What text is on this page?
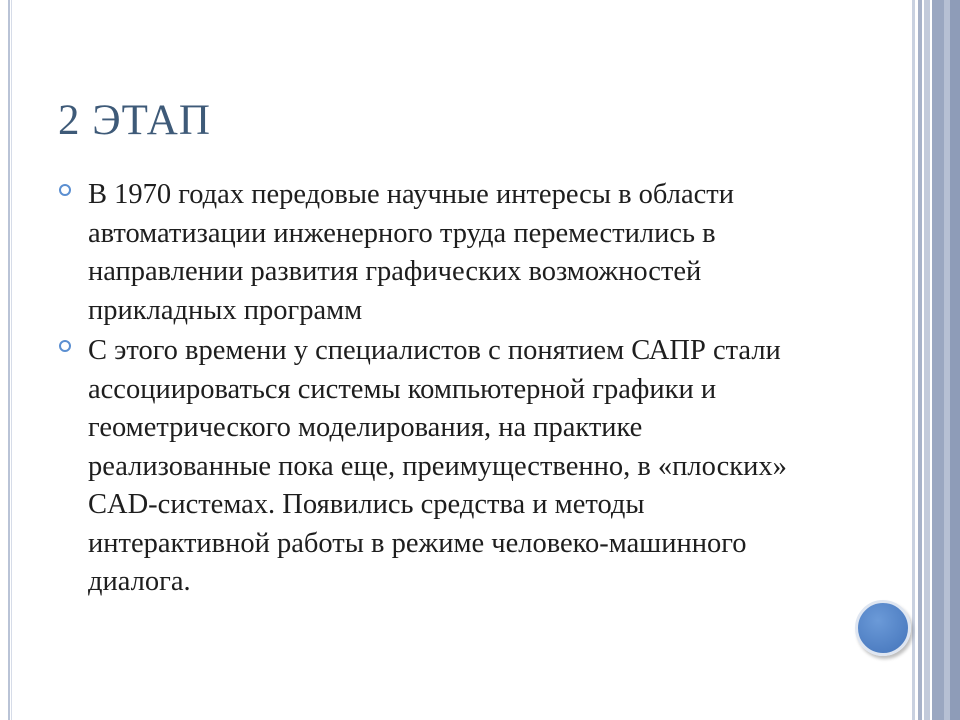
2 ЭТАП
В 1970 годах передовые научные интересы в области автоматизации инженерного труда переместились в направлении развития графических возможностей прикладных программ
С этого времени у специалистов с понятием САПР стали ассоциироваться системы компьютерной графики и геометрического моделирования, на практике реализованные пока еще, преимущественно, в «плоских» CAD-системах. Появились средства и методы интерактивной работы в режиме человеко-машинного диалога.
